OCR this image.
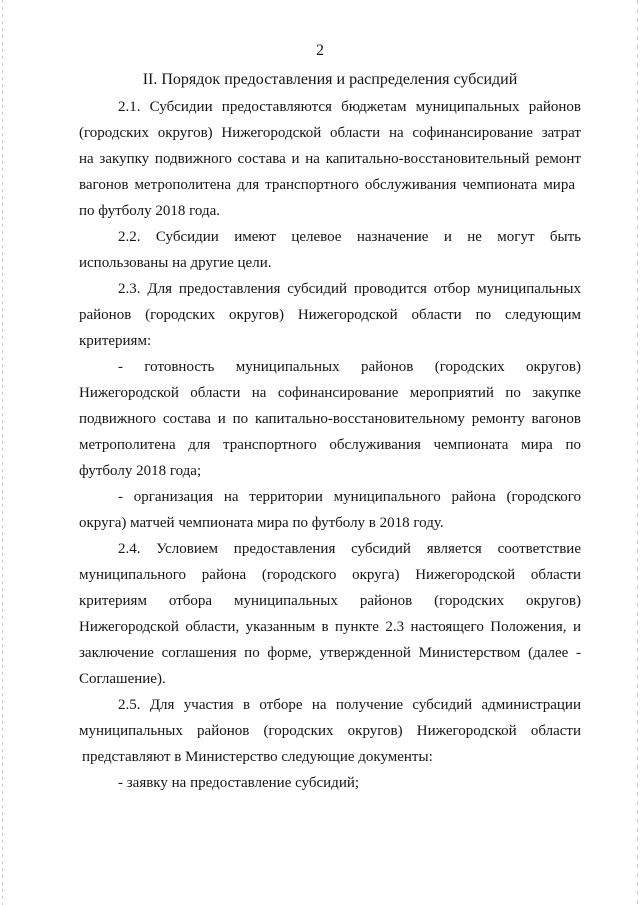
2
II. Порядок предоставления и распределения субсидий
2.1. Субсидии предоставляются бюджетам муниципальных районов
(городских округов) Нижегородской области на софинансирование затрат
на закупку подвижного состава и на капитально-восстановительный ремонт
вагонов метрополитена для транспортного обслуживания чемпионата мира
по футболу 2018 года.
2.2. Субсидии имеют целевое назначение и не могут быть
использованы на другие цели.
2.3. Для предоставления субсидий проводится отбор муниципальных
районов (городских округов) Нижегородской области по следующим
критериям:
- готовность муниципальных районов (городских округов)
Нижегородской области на софинансирование мероприятий по закупке
подвижного состава и по капитально-восстановительному ремонту вагонов
метрополитена для транспортного обслуживания чемпионата мира по
футболу 2018 года;
- организация на территории муниципального района (городского
округа) матчей чемпионата мира по футболу в 2018 году.
2.4. Условием предоставления субсидий является соответствие
муниципального района (городского округа) Нижегородской области
критериям отбора муниципальных районов (городских округов)
Нижегородской области, указанным в пункте 2.3 настоящего Положения, и
заключение соглашения по форме, утвержденной Министерством (далее -
Соглашение).
2.5. Для участия в отборе на получение субсидий администрации
муниципальных районов (городских округов) Нижегородской области
представляют в Министерство следующие документы:
- заявку на предоставление субсидий;
